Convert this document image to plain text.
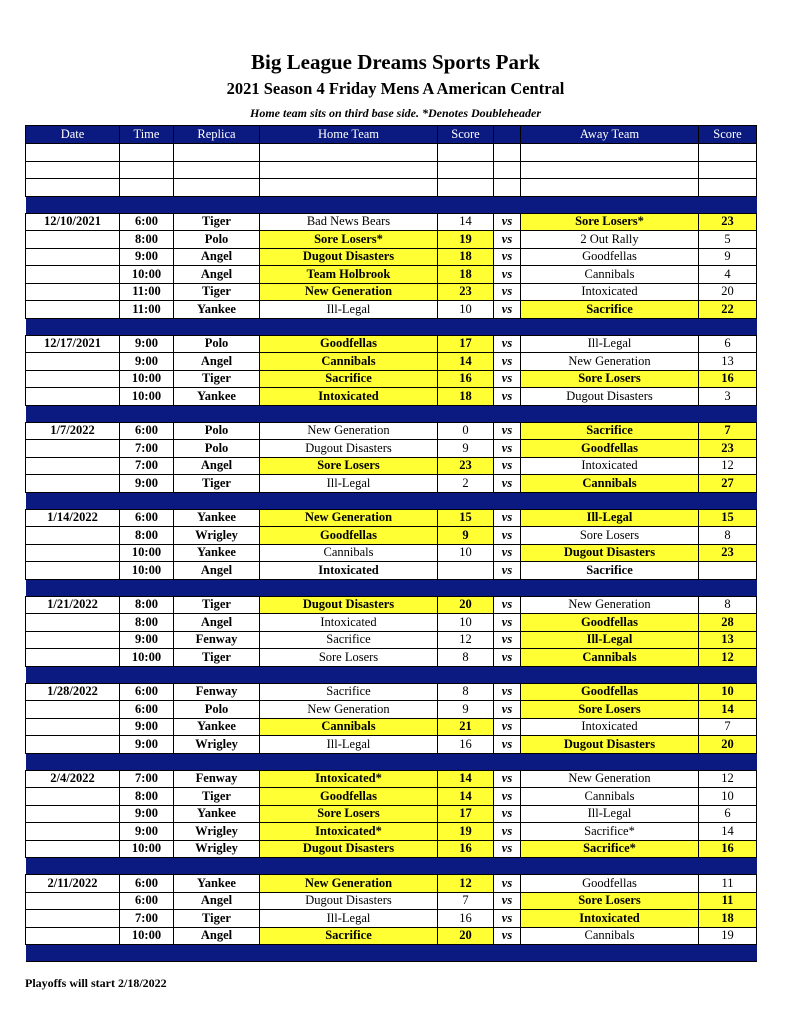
Big League Dreams Sports Park
2021 Season 4 Friday Mens A American Central
Home team sits on third base side. *Denotes Doubleheader
Date	Time	Replica	Home Team	Score		Away Team	Score

12/10/2021	6:00	Tiger	Bad News Bears	14	vs	Sore Losers*	23
	8:00	Polo	Sore Losers*	19	vs	2 Out Rally	5
	9:00	Angel	Dugout Disasters	18	vs	Goodfellas	9
	10:00	Angel	Team Holbrook	18	vs	Cannibals	4
	11:00	Tiger	New Generation	23	vs	Intoxicated	20
	11:00	Yankee	Ill-Legal	10	vs	Sacrifice	22

12/17/2021	9:00	Polo	Goodfellas	17	vs	Ill-Legal	6
	9:00	Angel	Cannibals	14	vs	New Generation	13
	10:00	Tiger	Sacrifice	16	vs	Sore Losers	16
	10:00	Yankee	Intoxicated	18	vs	Dugout Disasters	3

1/7/2022	6:00	Polo	New Generation	0	vs	Sacrifice	7
	7:00	Polo	Dugout Disasters	9	vs	Goodfellas	23
	7:00	Angel	Sore Losers	23	vs	Intoxicated	12
	9:00	Tiger	Ill-Legal	2	vs	Cannibals	27

1/14/2022	6:00	Yankee	New Generation	15	vs	Ill-Legal	15
	8:00	Wrigley	Goodfellas	9	vs	Sore Losers	8
	10:00	Yankee	Cannibals	10	vs	Dugout Disasters	23
	10:00	Angel	Intoxicated		vs	Sacrifice	

1/21/2022	8:00	Tiger	Dugout Disasters	20	vs	New Generation	8
	8:00	Angel	Intoxicated	10	vs	Goodfellas	28
	9:00	Fenway	Sacrifice	12	vs	Ill-Legal	13
	10:00	Tiger	Sore Losers	8	vs	Cannibals	12

1/28/2022	6:00	Fenway	Sacrifice	8	vs	Goodfellas	10
	6:00	Polo	New Generation	9	vs	Sore Losers	14
	9:00	Yankee	Cannibals	21	vs	Intoxicated	7
	9:00	Wrigley	Ill-Legal	16	vs	Dugout Disasters	20

2/4/2022	7:00	Fenway	Intoxicated*	14	vs	New Generation	12
	8:00	Tiger	Goodfellas	14	vs	Cannibals	10
	9:00	Yankee	Sore Losers	17	vs	Ill-Legal	6
	9:00	Wrigley	Intoxicated*	19	vs	Sacrifice*	14
	10:00	Wrigley	Dugout Disasters	16	vs	Sacrifice*	16

2/11/2022	6:00	Yankee	New Generation	12	vs	Goodfellas	11
	6:00	Angel	Dugout Disasters	7	vs	Sore Losers	11
	7:00	Tiger	Ill-Legal	16	vs	Intoxicated	18
	10:00	Angel	Sacrifice	20	vs	Cannibals	19

Playoffs will start 2/18/2022
